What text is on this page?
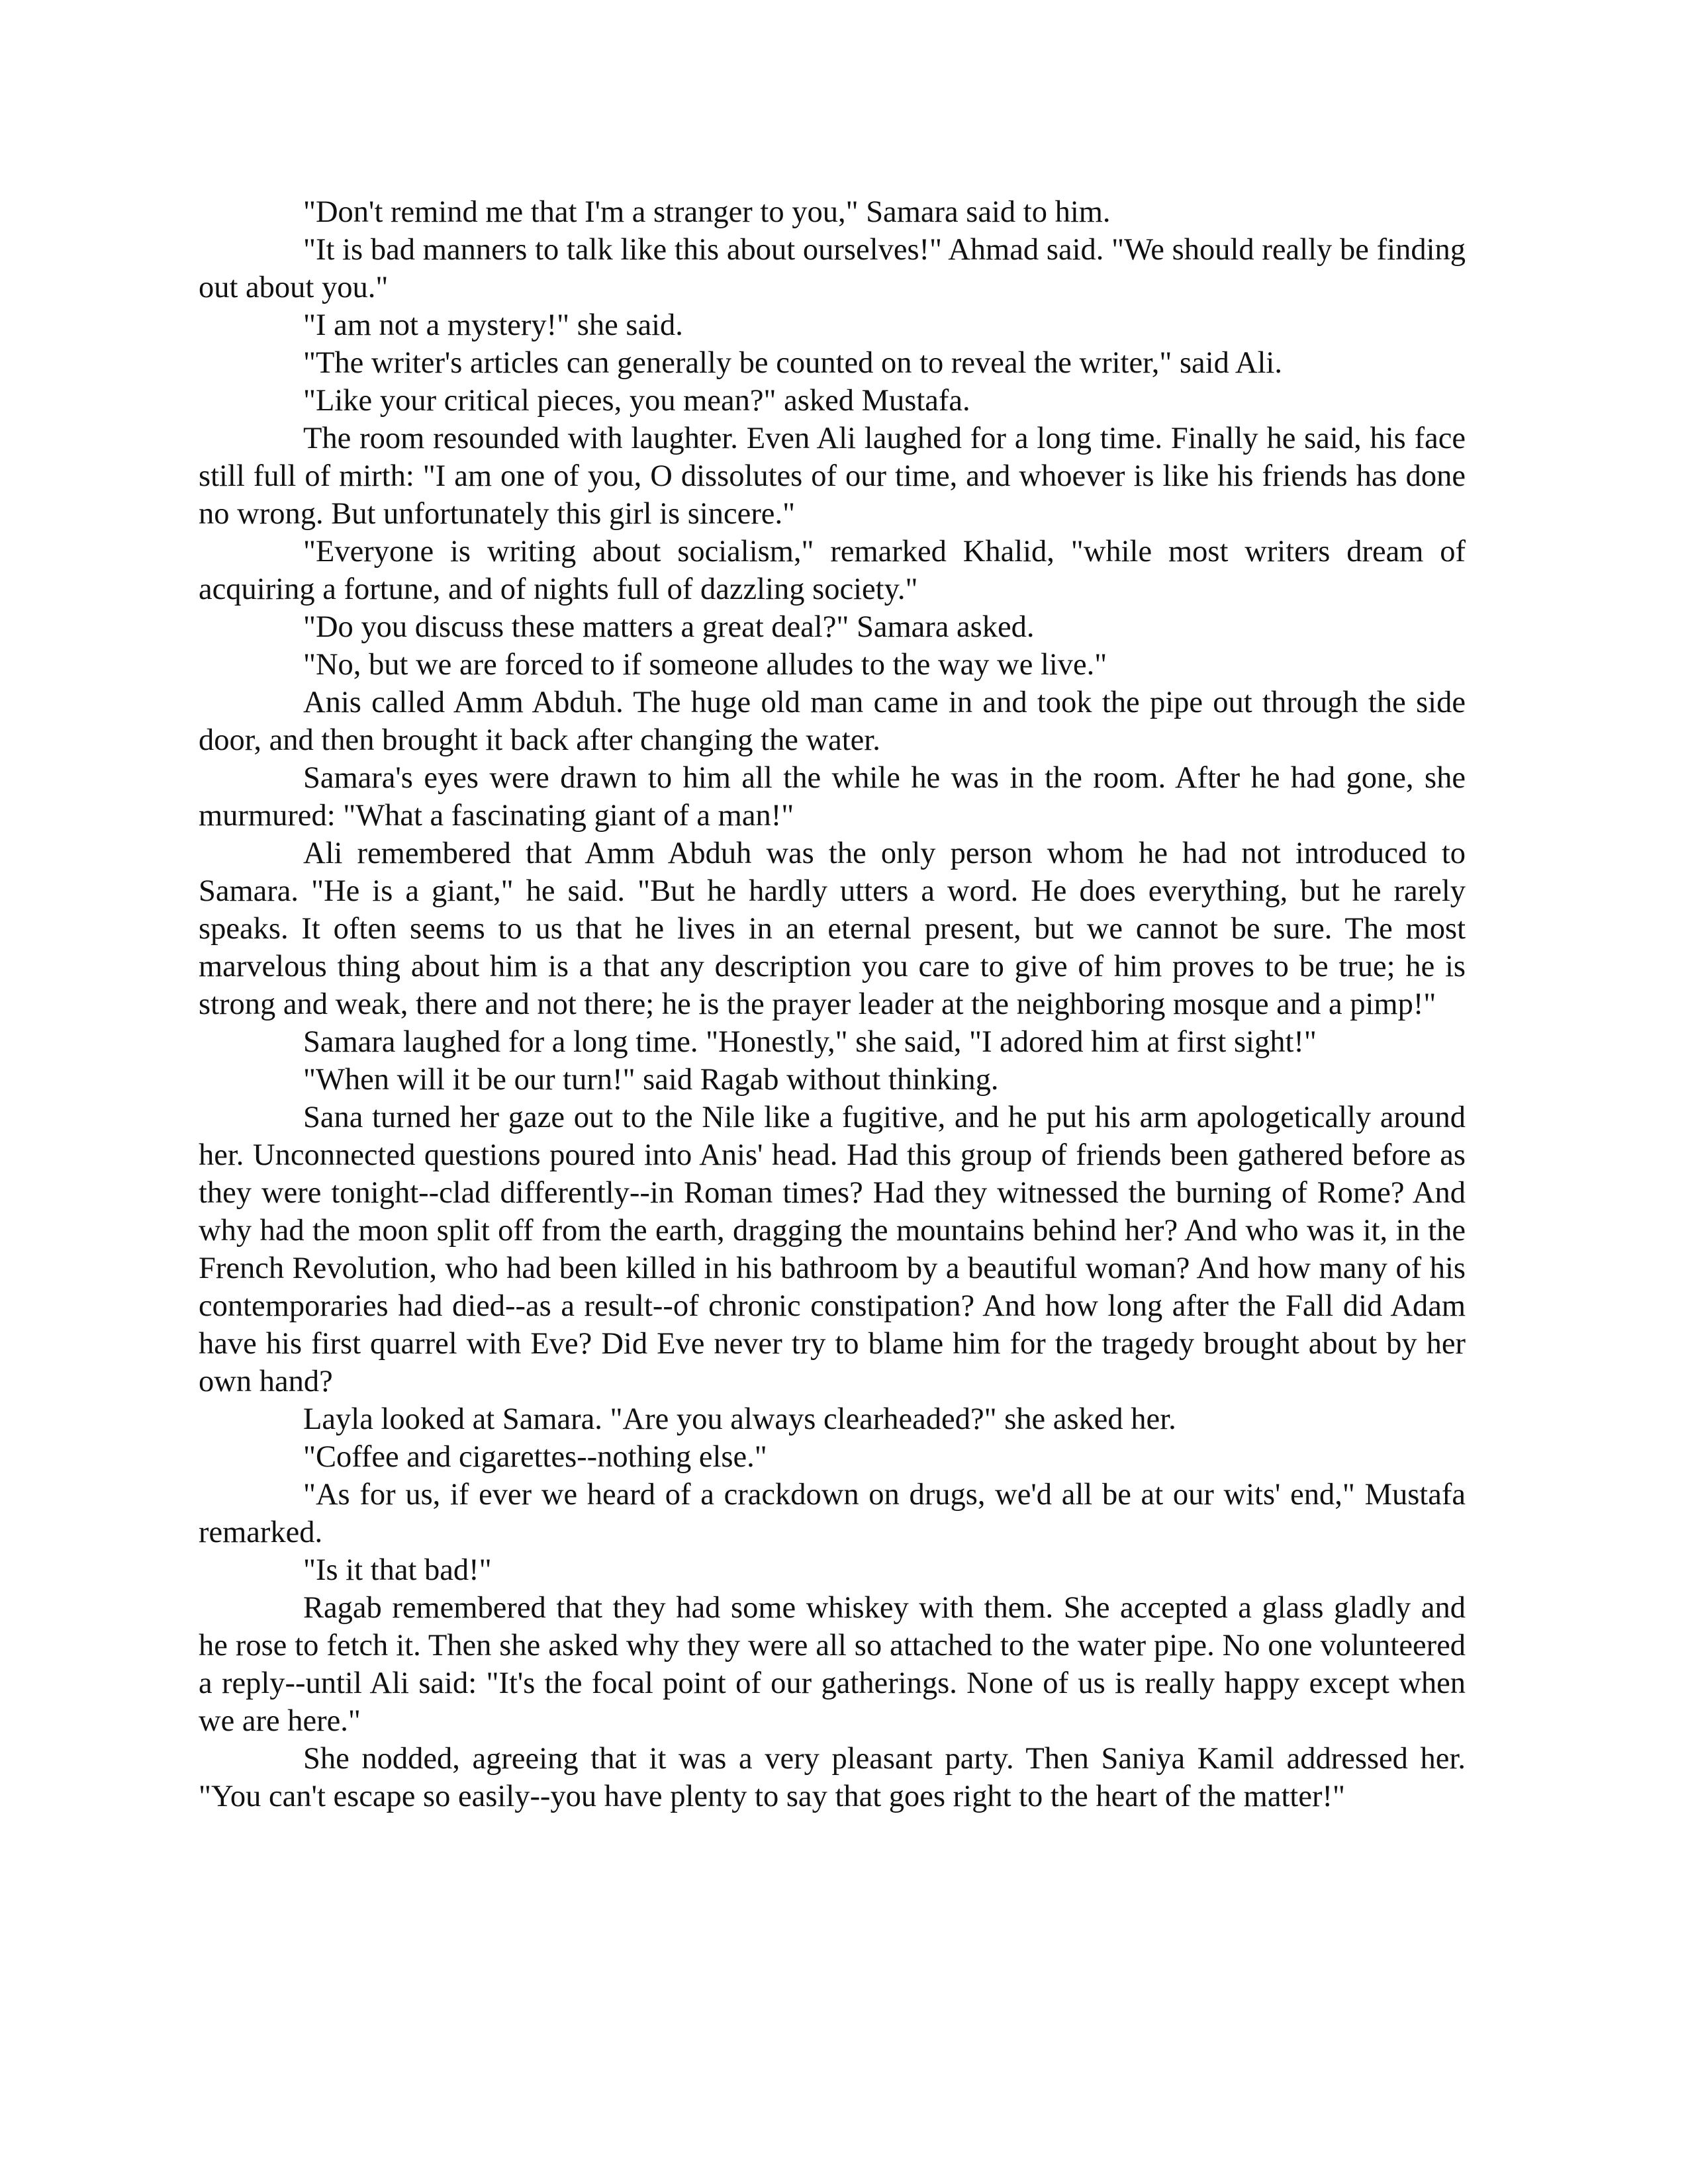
"Don't remind me that I'm a stranger to you," Samara said to him.

"It is bad manners to talk like this about ourselves!" Ahmad said. "We should really be finding out about you."

"I am not a mystery!" she said.

"The writer's articles can generally be counted on to reveal the writer," said Ali.

"Like your critical pieces, you mean?" asked Mustafa.

The room resounded with laughter. Even Ali laughed for a long time. Finally he said, his face still full of mirth: "I am one of you, O dissolutes of our time, and whoever is like his friends has done no wrong. But unfortunately this girl is sincere."

"Everyone is writing about socialism," remarked Khalid, "while most writers dream of acquiring a fortune, and of nights full of dazzling society."

"Do you discuss these matters a great deal?" Samara asked.

"No, but we are forced to if someone alludes to the way we live."

Anis called Amm Abduh. The huge old man came in and took the pipe out through the side door, and then brought it back after changing the water.

Samara's eyes were drawn to him all the while he was in the room. After he had gone, she murmured: "What a fascinating giant of a man!"

Ali remembered that Amm Abduh was the only person whom he had not introduced to Samara. "He is a giant," he said. "But he hardly utters a word. He does everything, but he rarely speaks. It often seems to us that he lives in an eternal present, but we cannot be sure. The most marvelous thing about him is a that any description you care to give of him proves to be true; he is strong and weak, there and not there; he is the prayer leader at the neighboring mosque and a pimp!"

Samara laughed for a long time. "Honestly," she said, "I adored him at first sight!"

"When will it be our turn!" said Ragab without thinking.

Sana turned her gaze out to the Nile like a fugitive, and he put his arm apologetically around her. Unconnected questions poured into Anis' head. Had this group of friends been gathered before as they were tonight--clad differently--in Roman times? Had they witnessed the burning of Rome? And why had the moon split off from the earth, dragging the mountains behind her? And who was it, in the French Revolution, who had been killed in his bathroom by a beautiful woman? And how many of his contemporaries had died--as a result--of chronic constipation? And how long after the Fall did Adam have his first quarrel with Eve? Did Eve never try to blame him for the tragedy brought about by her own hand?

Layla looked at Samara. "Are you always clearheaded?" she asked her.

"Coffee and cigarettes--nothing else."

"As for us, if ever we heard of a crackdown on drugs, we'd all be at our wits' end," Mustafa remarked.

"Is it that bad!"

Ragab remembered that they had some whiskey with them. She accepted a glass gladly and he rose to fetch it. Then she asked why they were all so attached to the water pipe. No one volunteered a reply--until Ali said: "It's the focal point of our gatherings. None of us is really happy except when we are here."

She nodded, agreeing that it was a very pleasant party. Then Saniya Kamil addressed her. "You can't escape so easily--you have plenty to say that goes right to the heart of the matter!"
